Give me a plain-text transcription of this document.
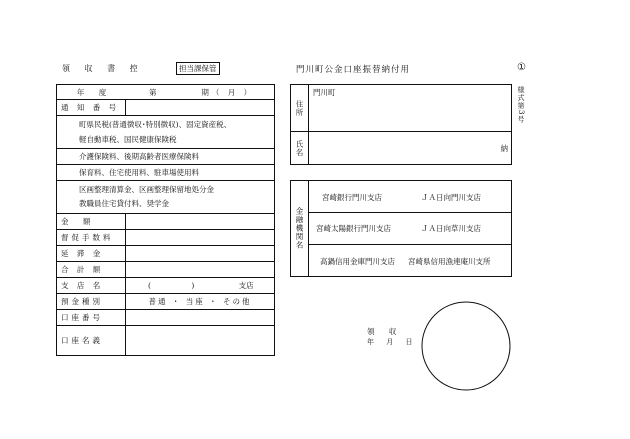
領 収 書 控	担当課保管	門川町公金口座振替納付用	①
様式第3号
年 度 第 期（ 月 ）	
通 知 番 号	

町県民税(普通徴収･特別徴収)、固定資産税、
軽自動車税、国民健康保険税	

介護保険料、後期高齢者医療保険料	
保育料、住宅使用料、駐車場使用料	

区画整理清算金、区画整理保留地処分金
教職員住宅貸付料、奨学金	

金 額	
督促手数料	
延 滞 金	
合 計 額	
支 店 名	( ) 支店
預金種別	普通 ・ 当座 ・ その他
口座番号	
口座名義	
住所
門川町
氏名	納
金融機関名
宮崎銀行門川支店	ＪＡ日向門川支店
宮崎太陽銀行門川支店	ＪＡ日向草川支店
高鍋信用金庫門川支店 宮崎県信用漁連庵川支所
領 収
年 月 日
